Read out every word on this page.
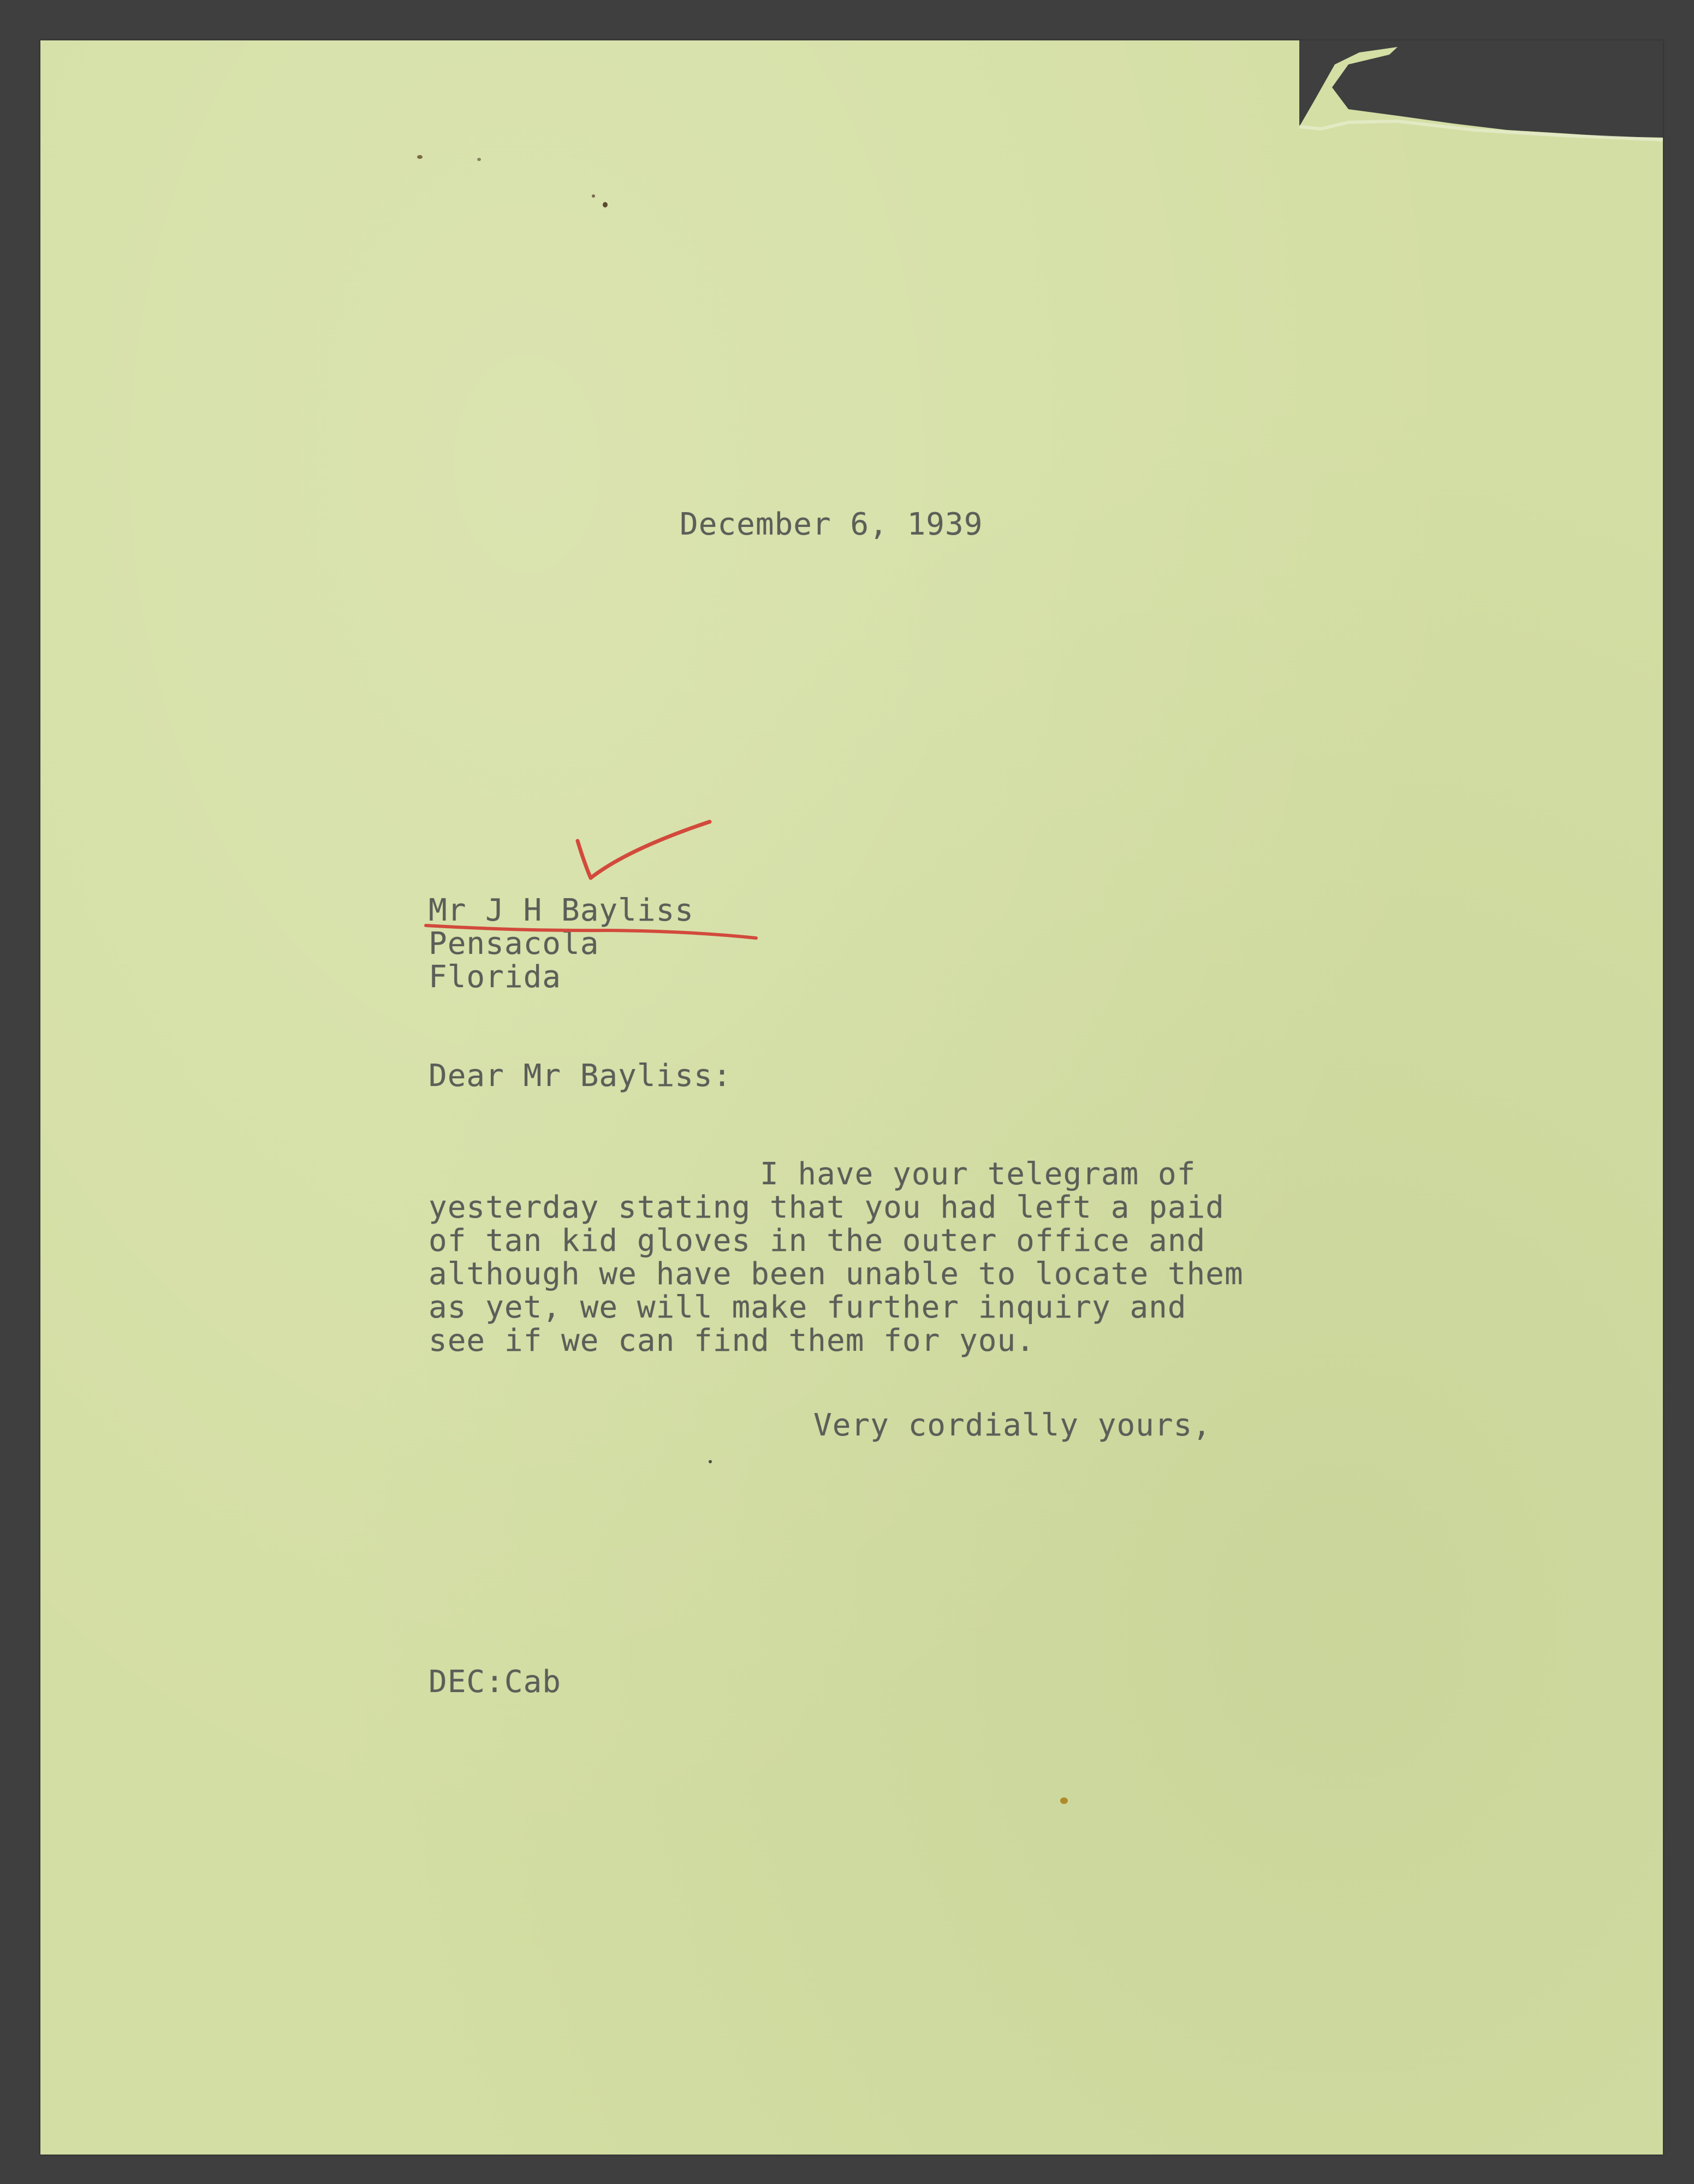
December 6, 1939
Mr J H Bayliss
Pensacola
Florida
Dear Mr Bayliss:
I have your telegram of
yesterday stating that you had left a paid
of tan kid gloves in the outer office and
although we have been unable to locate them
as yet, we will make further inquiry and
see if we can find them for you.
Very cordially yours,
DEC:Cab
